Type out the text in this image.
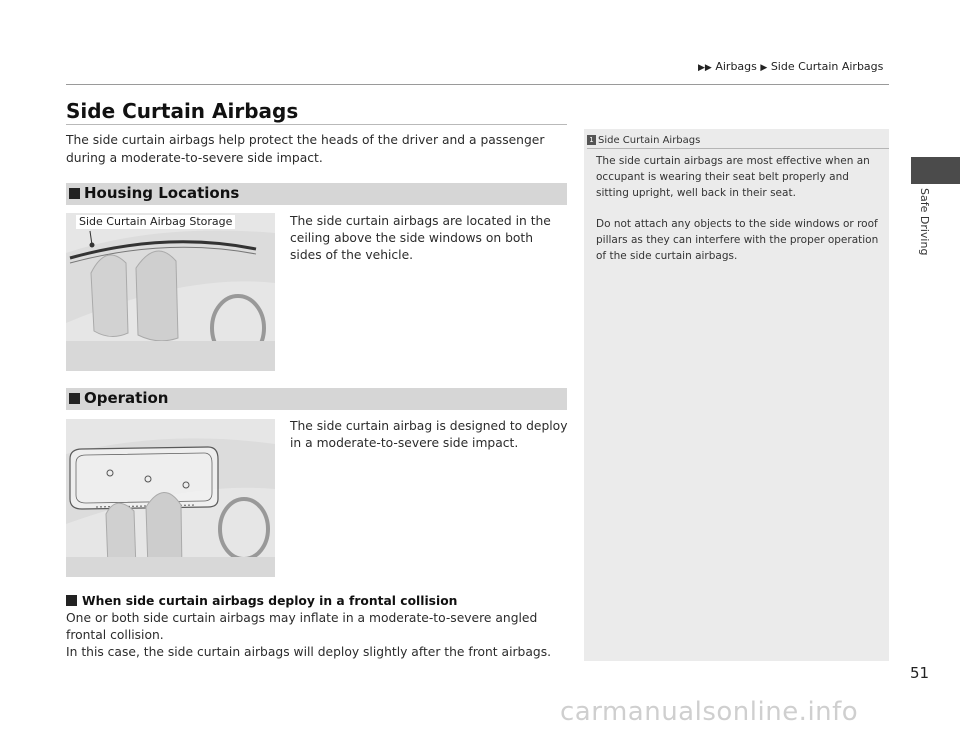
▶▶ Airbags ▶ Side Curtain Airbags
Safe Driving
Side Curtain Airbags
The side curtain airbags help protect the heads of the driver and a passenger during a moderate-to-severe side impact.
Housing Locations
Side Curtain Airbag Storage	The side curtain airbags are located in the ceiling above the side windows on both sides of the vehicle.
Operation
The side curtain airbag is designed to deploy in a moderate-to-severe side impact.
When side curtain airbags deploy in a frontal collision
One or both side curtain airbags may inflate in a moderate-to-severe angled frontal collision.
In this case, the side curtain airbags will deploy slightly after the front airbags.
1 Side Curtain Airbags
The side curtain airbags are most effective when an occupant is wearing their seat belt properly and sitting upright, well back in their seat.
Do not attach any objects to the side windows or roof pillars as they can interfere with the proper operation of the side curtain airbags.
51
carmanualsonline.info
